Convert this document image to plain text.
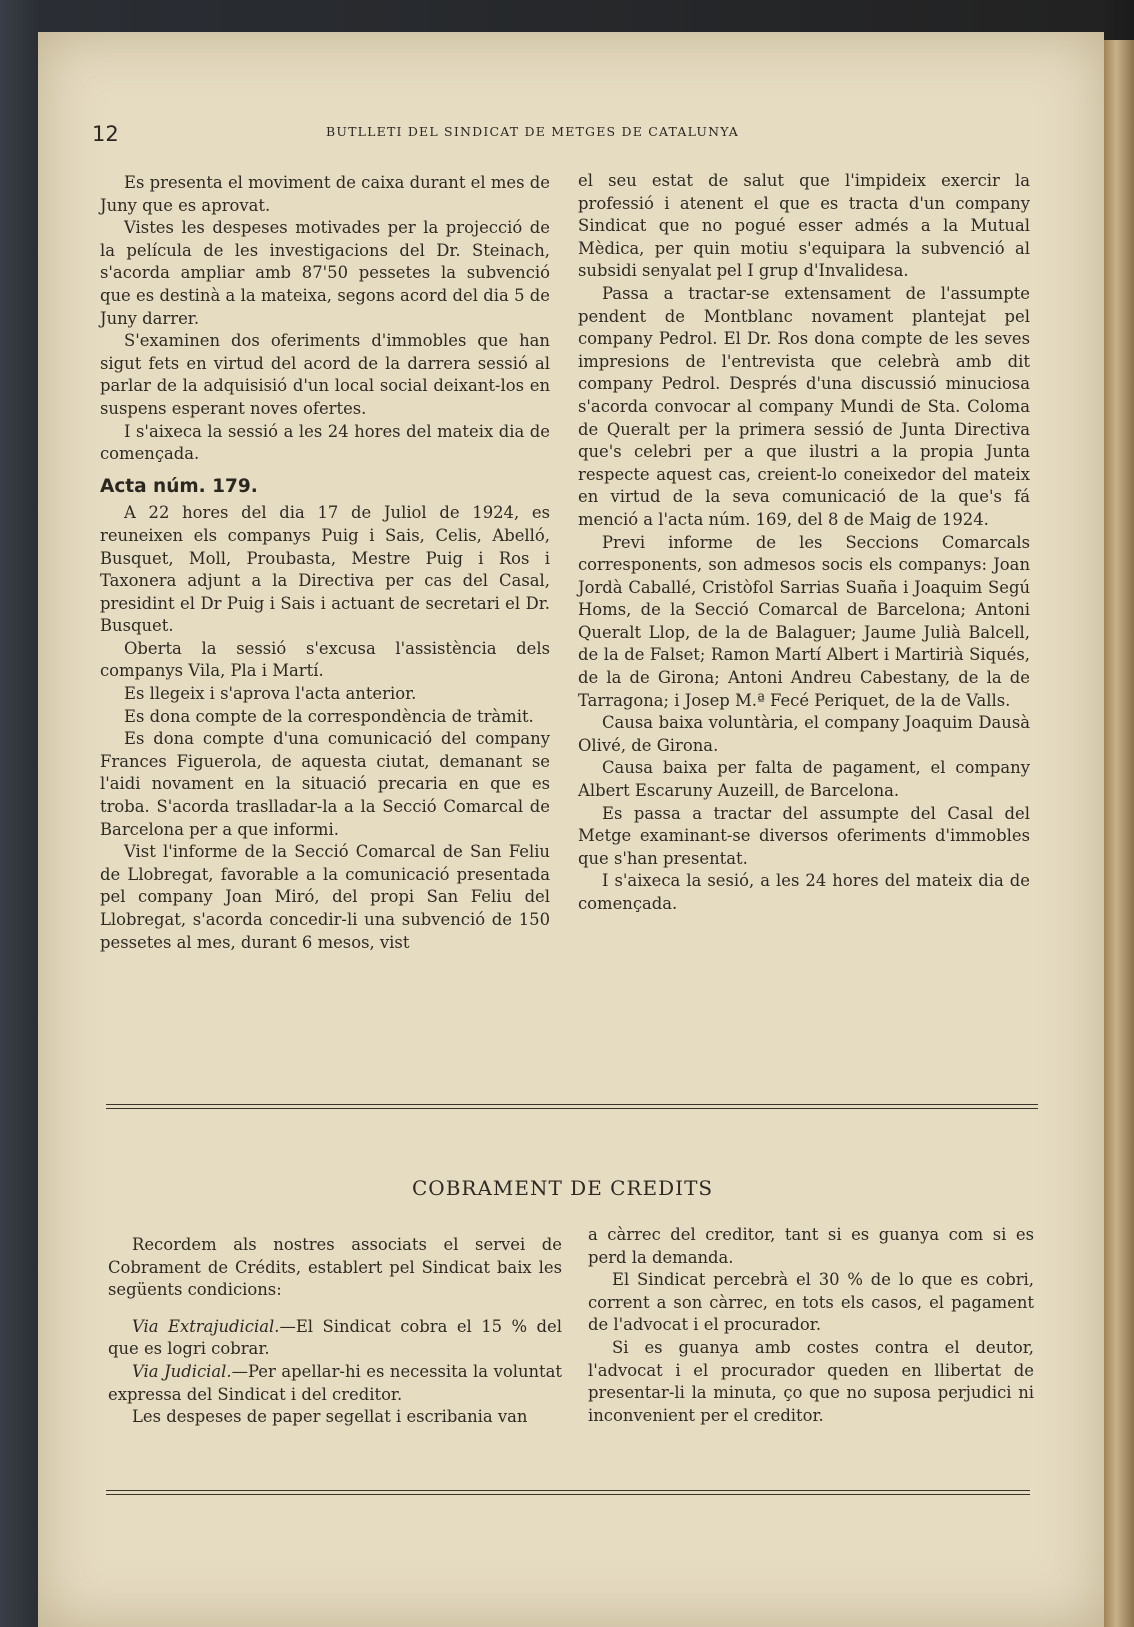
12	BUTLLETI DEL SINDICAT DE METGES DE CATALUNYA

Es presenta el moviment de caixa durant el mes de Juny que es aprovat.

Vistes les despeses motivades per la projecció de la película de les investigacions del Dr. Steinach, s'acorda ampliar amb 87'50 pessetes la subvenció que es destinà a la mateixa, segons acord del dia 5 de Juny darrer.

S'examinen dos oferiments d'immobles que han sigut fets en virtud del acord de la darrera sessió al parlar de la adquisisió d'un local social deixant-los en suspens esperant noves ofertes.

I s'aixeca la sessió a les 24 hores del mateix dia de començada.

Acta núm. 179.

A 22 hores del dia 17 de Juliol de 1924, es reuneixen els companys Puig i Sais, Celis, Abelló, Busquet, Moll, Proubasta, Mestre Puig i Ros i Taxonera adjunt a la Directiva per cas del Casal, presidint el Dr Puig i Sais i actuant de secretari el Dr. Busquet.

Oberta la sessió s'excusa l'assistència dels companys Vila, Pla i Martí.

Es llegeix i s'aprova l'acta anterior.

Es dona compte de la correspondència de tràmit.

Es dona compte d'una comunicació del company Frances Figuerola, de aquesta ciutat, demanant se l'aidi novament en la situació precaria en que es troba. S'acorda traslladar-la a la Secció Comarcal de Barcelona per a que informi.

Vist l'informe de la Secció Comarcal de San Feliu de Llobregat, favorable a la comunicació presentada pel company Joan Miró, del propi San Feliu del Llobregat, s'acorda concedir-li una subvenció de 150 pessetes al mes, durant 6 mesos, vist

el seu estat de salut que l'impideix exercir la professió i atenent el que es tracta d'un company Sindicat que no pogué esser admés a la Mutual Mèdica, per quin motiu s'equipara la subvenció al subsidi senyalat pel I grup d'Invalidesa.

Passa a tractar-se extensament de l'assumpte pendent de Montblanc novament plantejat pel company Pedrol. El Dr. Ros dona compte de les seves impresions de l'entrevista que celebrà amb dit company Pedrol. Després d'una discussió minuciosa s'acorda convocar al company Mundi de Sta. Coloma de Queralt per la primera sessió de Junta Directiva que's celebri per a que ilustri a la propia Junta respecte aquest cas, creient-lo coneixedor del mateix en virtud de la seva comunicació de la que's fá menció a l'acta núm. 169, del 8 de Maig de 1924.

Previ informe de les Seccions Comarcals corresponents, son admesos socis els companys: Joan Jordà Caballé, Cristòfol Sarrias Suaña i Joaquim Segú Homs, de la Secció Comarcal de Barcelona; Antoni Queralt Llop, de la de Balaguer; Jaume Julià Balcell, de la de Falset; Ramon Martí Albert i Martirià Siqués, de la de Girona; Antoni Andreu Cabestany, de la de Tarragona; i Josep M.ª Fecé Periquet, de la de Valls.

Causa baixa voluntària, el company Joaquim Dausà Olivé, de Girona.

Causa baixa per falta de pagament, el company Albert Escaruny Auzeill, de Barcelona.

Es passa a tractar del assumpte del Casal del Metge examinant-se diversos oferiments d'immobles que s'han presentat.

I s'aixeca la sesió, a les 24 hores del mateix dia de començada.

COBRAMENT DE CREDITS

Recordem als nostres associats el servei de Cobrament de Crédits, establert pel Sindicat baix les següents condicions:

Via Extrajudicial.—El Sindicat cobra el 15 % del que es logri cobrar.

Via Judicial.—Per apellar-hi es necessita la voluntat expressa del Sindicat i del creditor.

Les despeses de paper segellat i escribania van

a càrrec del creditor, tant si es guanya com si es perd la demanda.

El Sindicat percebrà el 30 % de lo que es cobri, corrent a son càrrec, en tots els casos, el pagament de l'advocat i el procurador.

Si es guanya amb costes contra el deutor, l'advocat i el procurador queden en llibertat de presentar-li la minuta, ço que no suposa perjudici ni inconvenient per el creditor.
